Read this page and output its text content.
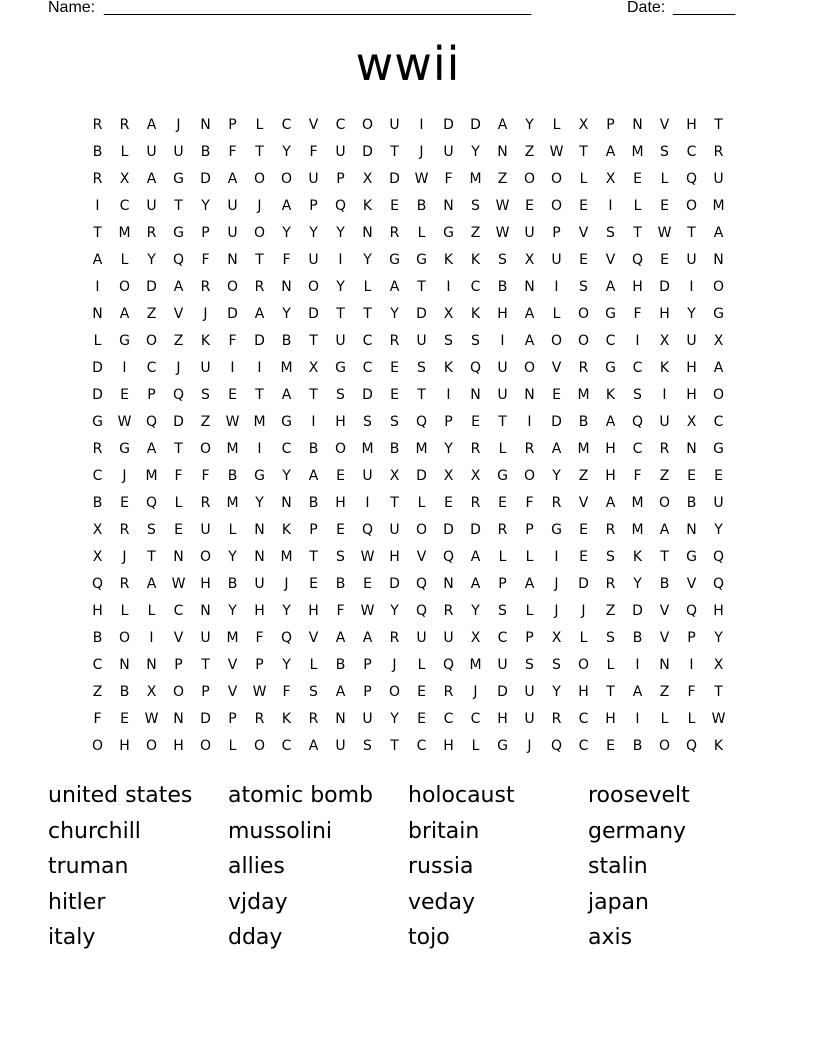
Name: ________________________________________________	Date: _______
wwii
R	R	A	J	N	P	L	C	V	C	O	U	I	D	D	A	Y	L	X	P	N	V	H	T
B	L	U	U	B	F	T	Y	F	U	D	T	J	U	Y	N	Z	W	T	A	M	S	C	R
R	X	A	G	D	A	O	O	U	P	X	D	W	F	M	Z	O	O	L	X	E	L	Q	U
I	C	U	T	Y	U	J	A	P	Q	K	E	B	N	S	W	E	O	E	I	L	E	O	M
T	M	R	G	P	U	O	Y	Y	Y	N	R	L	G	Z	W	U	P	V	S	T	W	T	A
A	L	Y	Q	F	N	T	F	U	I	Y	G	G	K	K	S	X	U	E	V	Q	E	U	N
I	O	D	A	R	O	R	N	O	Y	L	A	T	I	C	B	N	I	S	A	H	D	I	O
N	A	Z	V	J	D	A	Y	D	T	T	Y	D	X	K	H	A	L	O	G	F	H	Y	G
L	G	O	Z	K	F	D	B	T	U	C	R	U	S	S	I	A	O	O	C	I	X	U	X
D	I	C	J	U	I	I	M	X	G	C	E	S	K	Q	U	O	V	R	G	C	K	H	A
D	E	P	Q	S	E	T	A	T	S	D	E	T	I	N	U	N	E	M	K	S	I	H	O
G	W	Q	D	Z	W	M	G	I	H	S	S	Q	P	E	T	I	D	B	A	Q	U	X	C
R	G	A	T	O	M	I	C	B	O	M	B	M	Y	R	L	R	A	M	H	C	R	N	G
C	J	M	F	F	B	G	Y	A	E	U	X	D	X	X	G	O	Y	Z	H	F	Z	E	E
B	E	Q	L	R	M	Y	N	B	H	I	T	L	E	R	E	F	R	V	A	M	O	B	U
X	R	S	E	U	L	N	K	P	E	Q	U	O	D	D	R	P	G	E	R	M	A	N	Y
X	J	T	N	O	Y	N	M	T	S	W	H	V	Q	A	L	L	I	E	S	K	T	G	Q
Q	R	A	W	H	B	U	J	E	B	E	D	Q	N	A	P	A	J	D	R	Y	B	V	Q
H	L	L	C	N	Y	H	Y	H	F	W	Y	Q	R	Y	S	L	J	J	Z	D	V	Q	H
B	O	I	V	U	M	F	Q	V	A	A	R	U	U	X	C	P	X	L	S	B	V	P	Y
C	N	N	P	T	V	P	Y	L	B	P	J	L	Q	M	U	S	S	O	L	I	N	I	X
Z	B	X	O	P	V	W	F	S	A	P	O	E	R	J	D	U	Y	H	T	A	Z	F	T
F	E	W	N	D	P	R	K	R	N	U	Y	E	C	C	H	U	R	C	H	I	L	L	W
O	H	O	H	O	L	O	C	A	U	S	T	C	H	L	G	J	Q	C	E	B	O	Q	K
united states	atomic bomb	holocaust	roosevelt
churchill	mussolini	britain	germany
truman	allies	russia	stalin
hitler	vjday	veday	japan
italy	dday	tojo	axis
